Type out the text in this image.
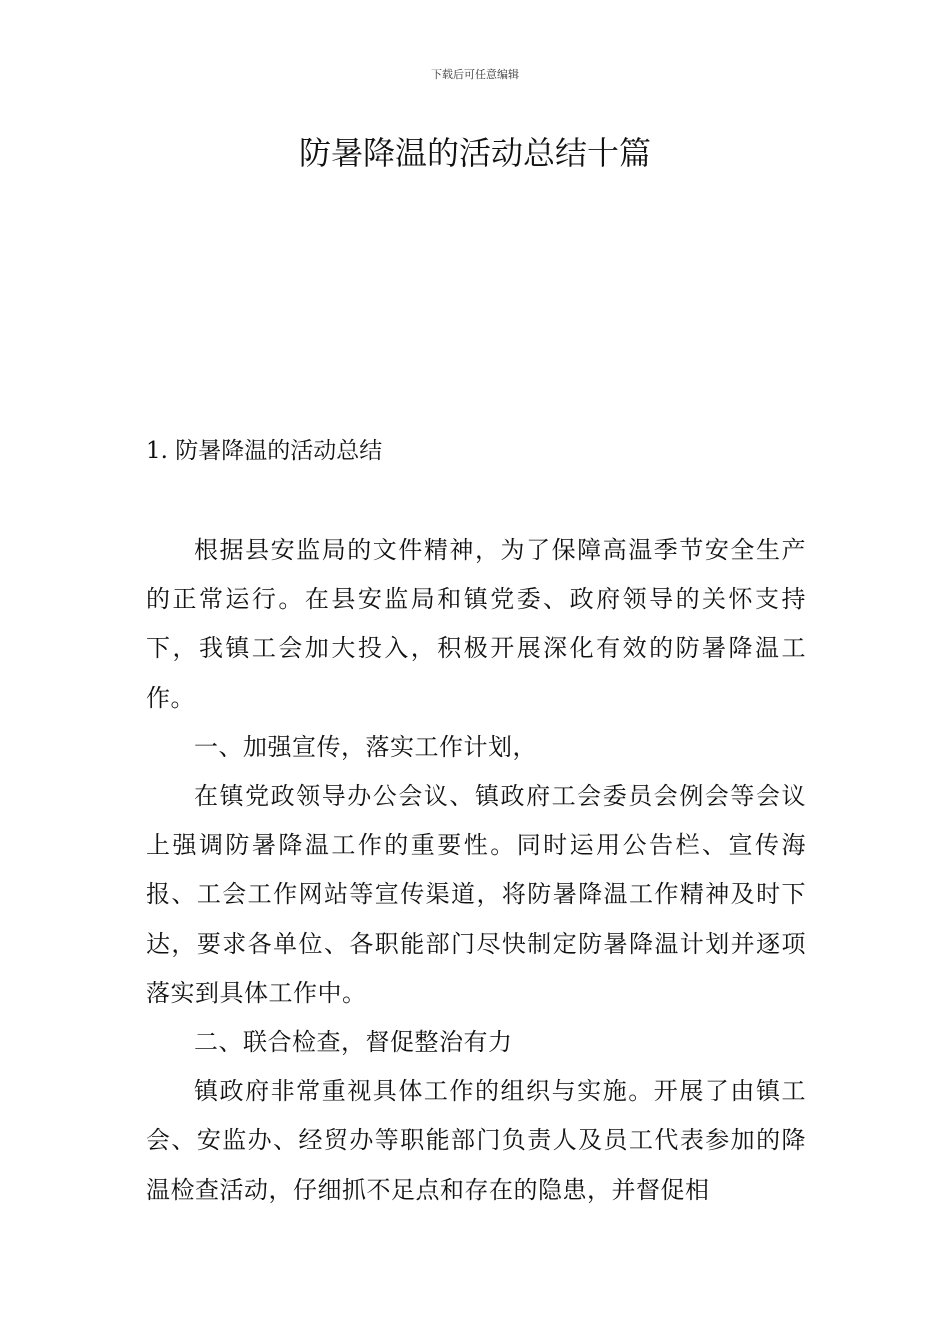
下载后可任意编辑
防暑降温的活动总结十篇
1. 防暑降温的活动总结

根据县安监局的文件精神，为了保障高温季节安全生产的正常运行。在县安监局和镇党委、政府领导的关怀支持下，我镇工会加大投入，积极开展深化有效的防暑降温工作。

一、加强宣传，落实工作计划，

在镇党政领导办公会议、镇政府工会委员会例会等会议上强调防暑降温工作的重要性。同时运用公告栏、宣传海报、工会工作网站等宣传渠道，将防暑降温工作精神及时下达，要求各单位、各职能部门尽快制定防暑降温计划并逐项落实到具体工作中。

二、联合检查，督促整治有力

镇政府非常重视具体工作的组织与实施。开展了由镇工会、安监办、经贸办等职能部门负责人及员工代表参加的降温检查活动，仔细抓不足点和存在的隐患，并督促相
